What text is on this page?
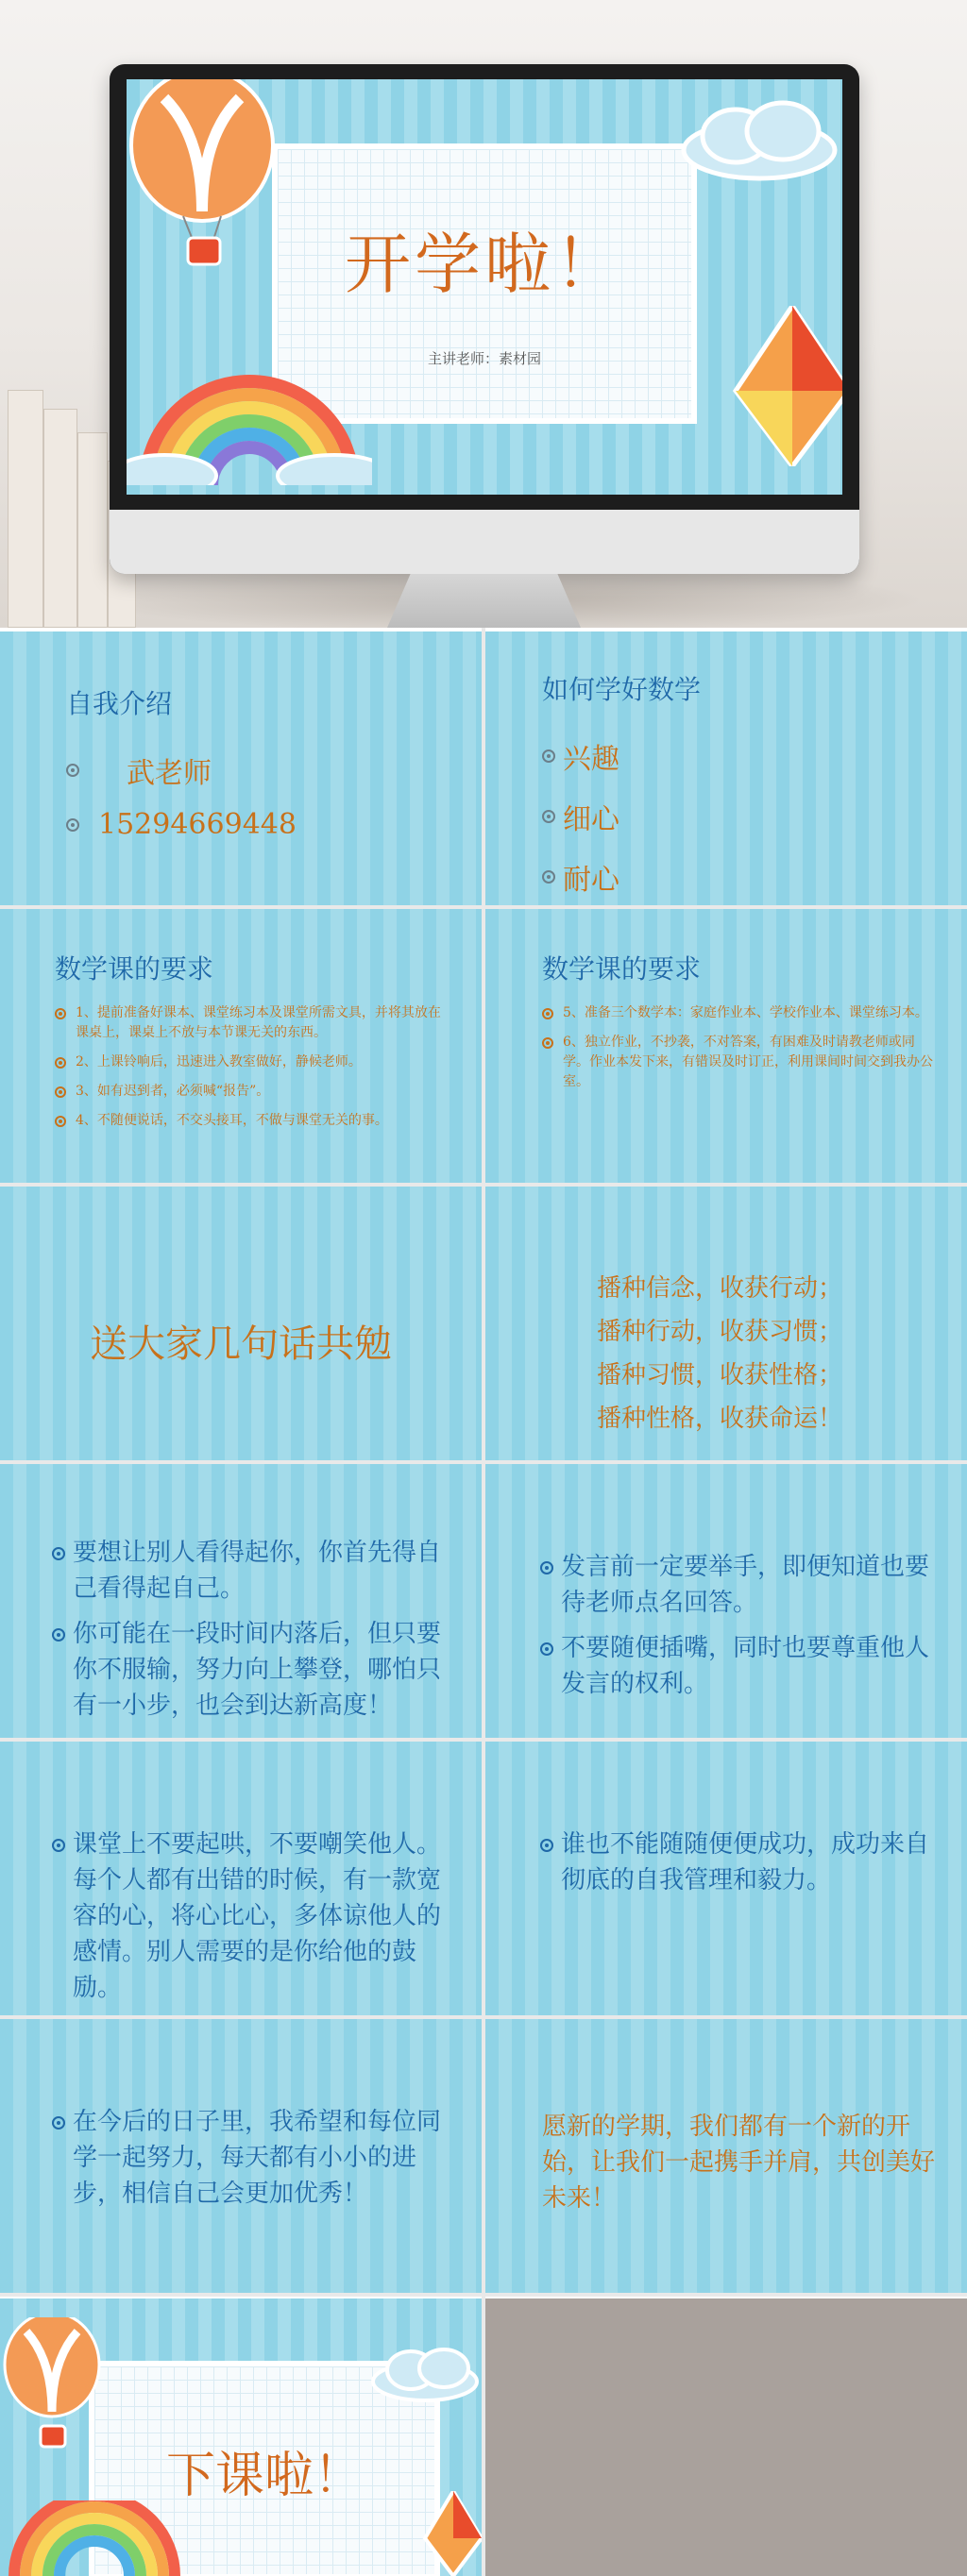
开学啦！
主讲老师：素材园
自我介绍
武老师
15294669448
如何学好数学
兴趣
细心
耐心
数学课的要求
1、提前准备好课本、课堂练习本及课堂所需文具，并将其放在课桌上，课桌上不放与本节课无关的东西。
2、上课铃响后，迅速进入教室做好，静候老师。
3、如有迟到者，必须喊“报告”。
4、不随便说话，不交头接耳，不做与课堂无关的事。
数学课的要求
5、准备三个数学本：家庭作业本、学校作业本、课堂练习本。
6、独立作业，不抄袭，不对答案，有困难及时请教老师或同学。作业本发下来，有错误及时订正，利用课间时间交到我办公室。
送大家几句话共勉
播种信念，收获行动；
播种行动，收获习惯；
播种习惯，收获性格；
播种性格，收获命运！
要想让别人看得起你，你首先得自己看得起自己。
你可能在一段时间内落后，但只要你不服输，努力向上攀登，哪怕只有一小步，也会到达新高度！
发言前一定要举手，即便知道也要待老师点名回答。
不要随便插嘴，同时也要尊重他人发言的权利。
课堂上不要起哄，不要嘲笑他人。每个人都有出错的时候，有一款宽容的心，将心比心，多体谅他人的感情。别人需要的是你给他的鼓励。
谁也不能随随便便成功，成功来自彻底的自我管理和毅力。
在今后的日子里，我希望和每位同学一起努力，每天都有小小的进步，相信自己会更加优秀！
愿新的学期，我们都有一个新的开始，让我们一起携手并肩，共创美好未来！
下课啦！
